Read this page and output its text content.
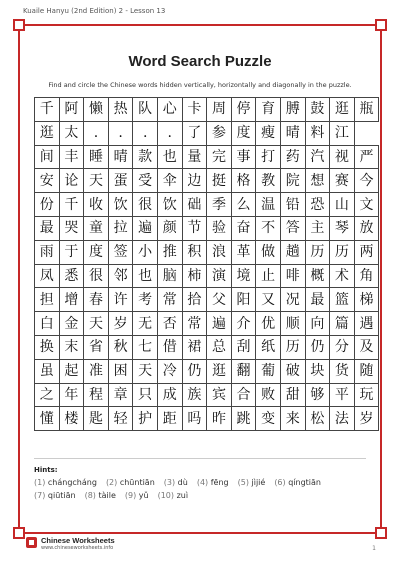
Kuaile Hanyu (2nd Edition) 2 - Lesson 13
Word Search Puzzle
Find and circle the Chinese words hidden vertically, horizontally and diagonally in the puzzle.
千	阿	懒	热	队	心	卡	周	停	育	膊	鼓	逛	瓶
逛	太	.	.	.	.	了	参	度	瘦	晴	料	江	
间	丰	睡	晴	款	也	量	完	事	打	药	汽	视	严
安	论	天	蛋	受	伞	边	挺	格	教	院	想	赛	今
份	千	收	饮	很	饮	础	季	么	温	铅	恐	山	文
最	哭	童	拉	遍	颜	节	验	奋	不	答	主	琴	放
雨	于	度	签	小	推	积	浪	革	做	趟	历	历	两
凤	悉	很	邻	也	脑	柿	演	境	止	啡	概	术	角
担	增	春	许	考	常	拾	父	阳	又	况	最	篮	梯
白	金	天	岁	无	否	常	遍	介	优	顺	向	篇	遇
换	末	省	秋	七	借	裙	总	刮	纸	历	仍	分	及
虽	起	准	困	天	冷	仍	逛	翻	葡	破	块	货	随
之	年	程	章	只	成	族	宾	合	败	甜	够	平	玩
懂	楼	匙	轻	护	距	吗	昨	跳	变	来	松	法	岁
Hints:
(1) chángcháng (2) chūntiān (3) dù (4) fēng (5) jìjié (6) qíngtiān
(7) qiūtiān (8) tàile (9) yǔ (10) zuì
Chinese Worksheets
www.chineseworksheets.info	1
